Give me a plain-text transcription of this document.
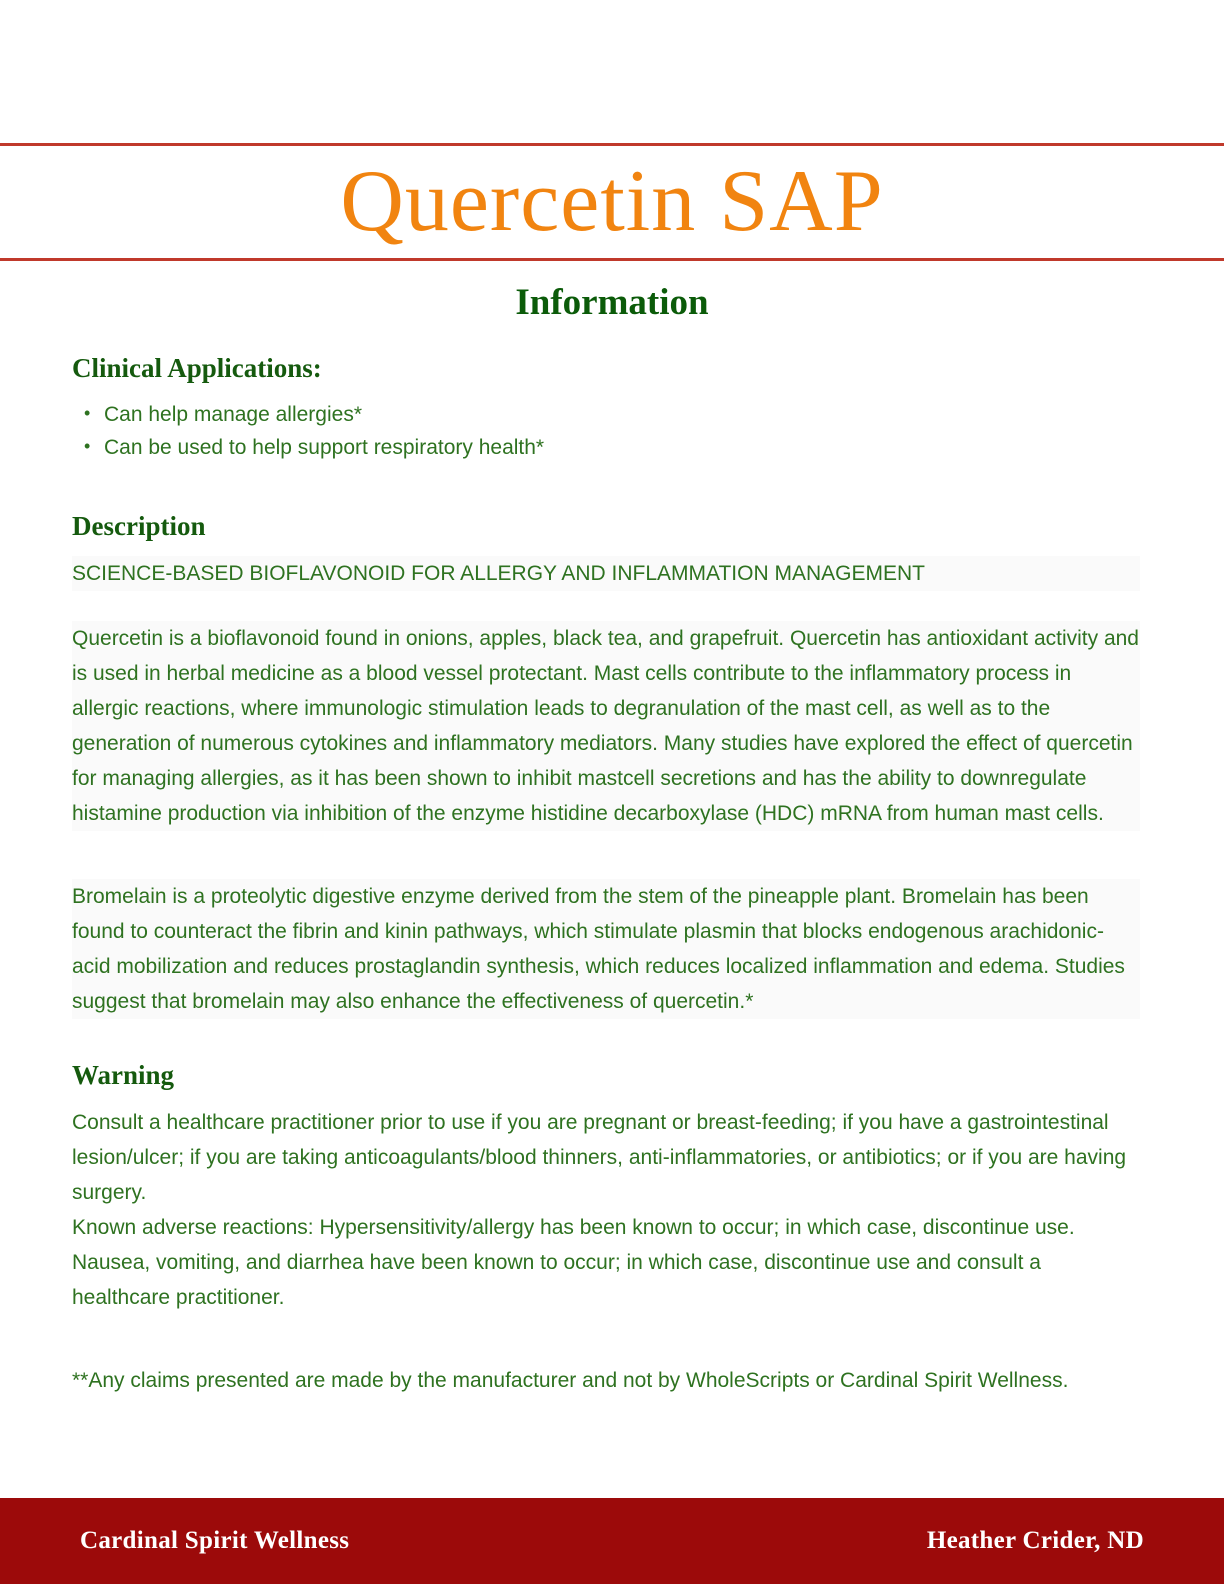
Quercetin SAP
Information
Clinical Applications:
• Can help manage allergies*
• Can be used to help support respiratory health*
Description

SCIENCE-BASED BIOFLAVONOID FOR ALLERGY AND INFLAMMATION MANAGEMENT

Quercetin is a bioflavonoid found in onions, apples, black tea, and grapefruit. Quercetin has antioxidant activity and is used in herbal medicine as a blood vessel protectant. Mast cells contribute to the inflammatory process in allergic reactions, where immunologic stimulation leads to degranulation of the mast cell, as well as to the generation of numerous cytokines and inflammatory mediators. Many studies have explored the effect of quercetin for managing allergies, as it has been shown to inhibit mastcell secretions and has the ability to downregulate histamine production via inhibition of the enzyme histidine decarboxylase (HDC) mRNA from human mast cells.

Bromelain is a proteolytic digestive enzyme derived from the stem of the pineapple plant. Bromelain has been found to counteract the fibrin and kinin pathways, which stimulate plasmin that blocks endogenous arachidonic-acid mobilization and reduces prostaglandin synthesis, which reduces localized inflammation and edema. Studies suggest that bromelain may also enhance the effectiveness of quercetin.*

Warning

Consult a healthcare practitioner prior to use if you are pregnant or breast-feeding; if you have a gastrointestinal lesion/ulcer; if you are taking anticoagulants/blood thinners, anti-inflammatories, or antibiotics; or if you are having surgery.

Known adverse reactions: Hypersensitivity/allergy has been known to occur; in which case, discontinue use. Nausea, vomiting, and diarrhea have been known to occur; in which case, discontinue use and consult a healthcare practitioner.

**Any claims presented are made by the manufacturer and not by WholeScripts or Cardinal Spirit Wellness.

Cardinal Spirit Wellness	Heather Crider, ND
